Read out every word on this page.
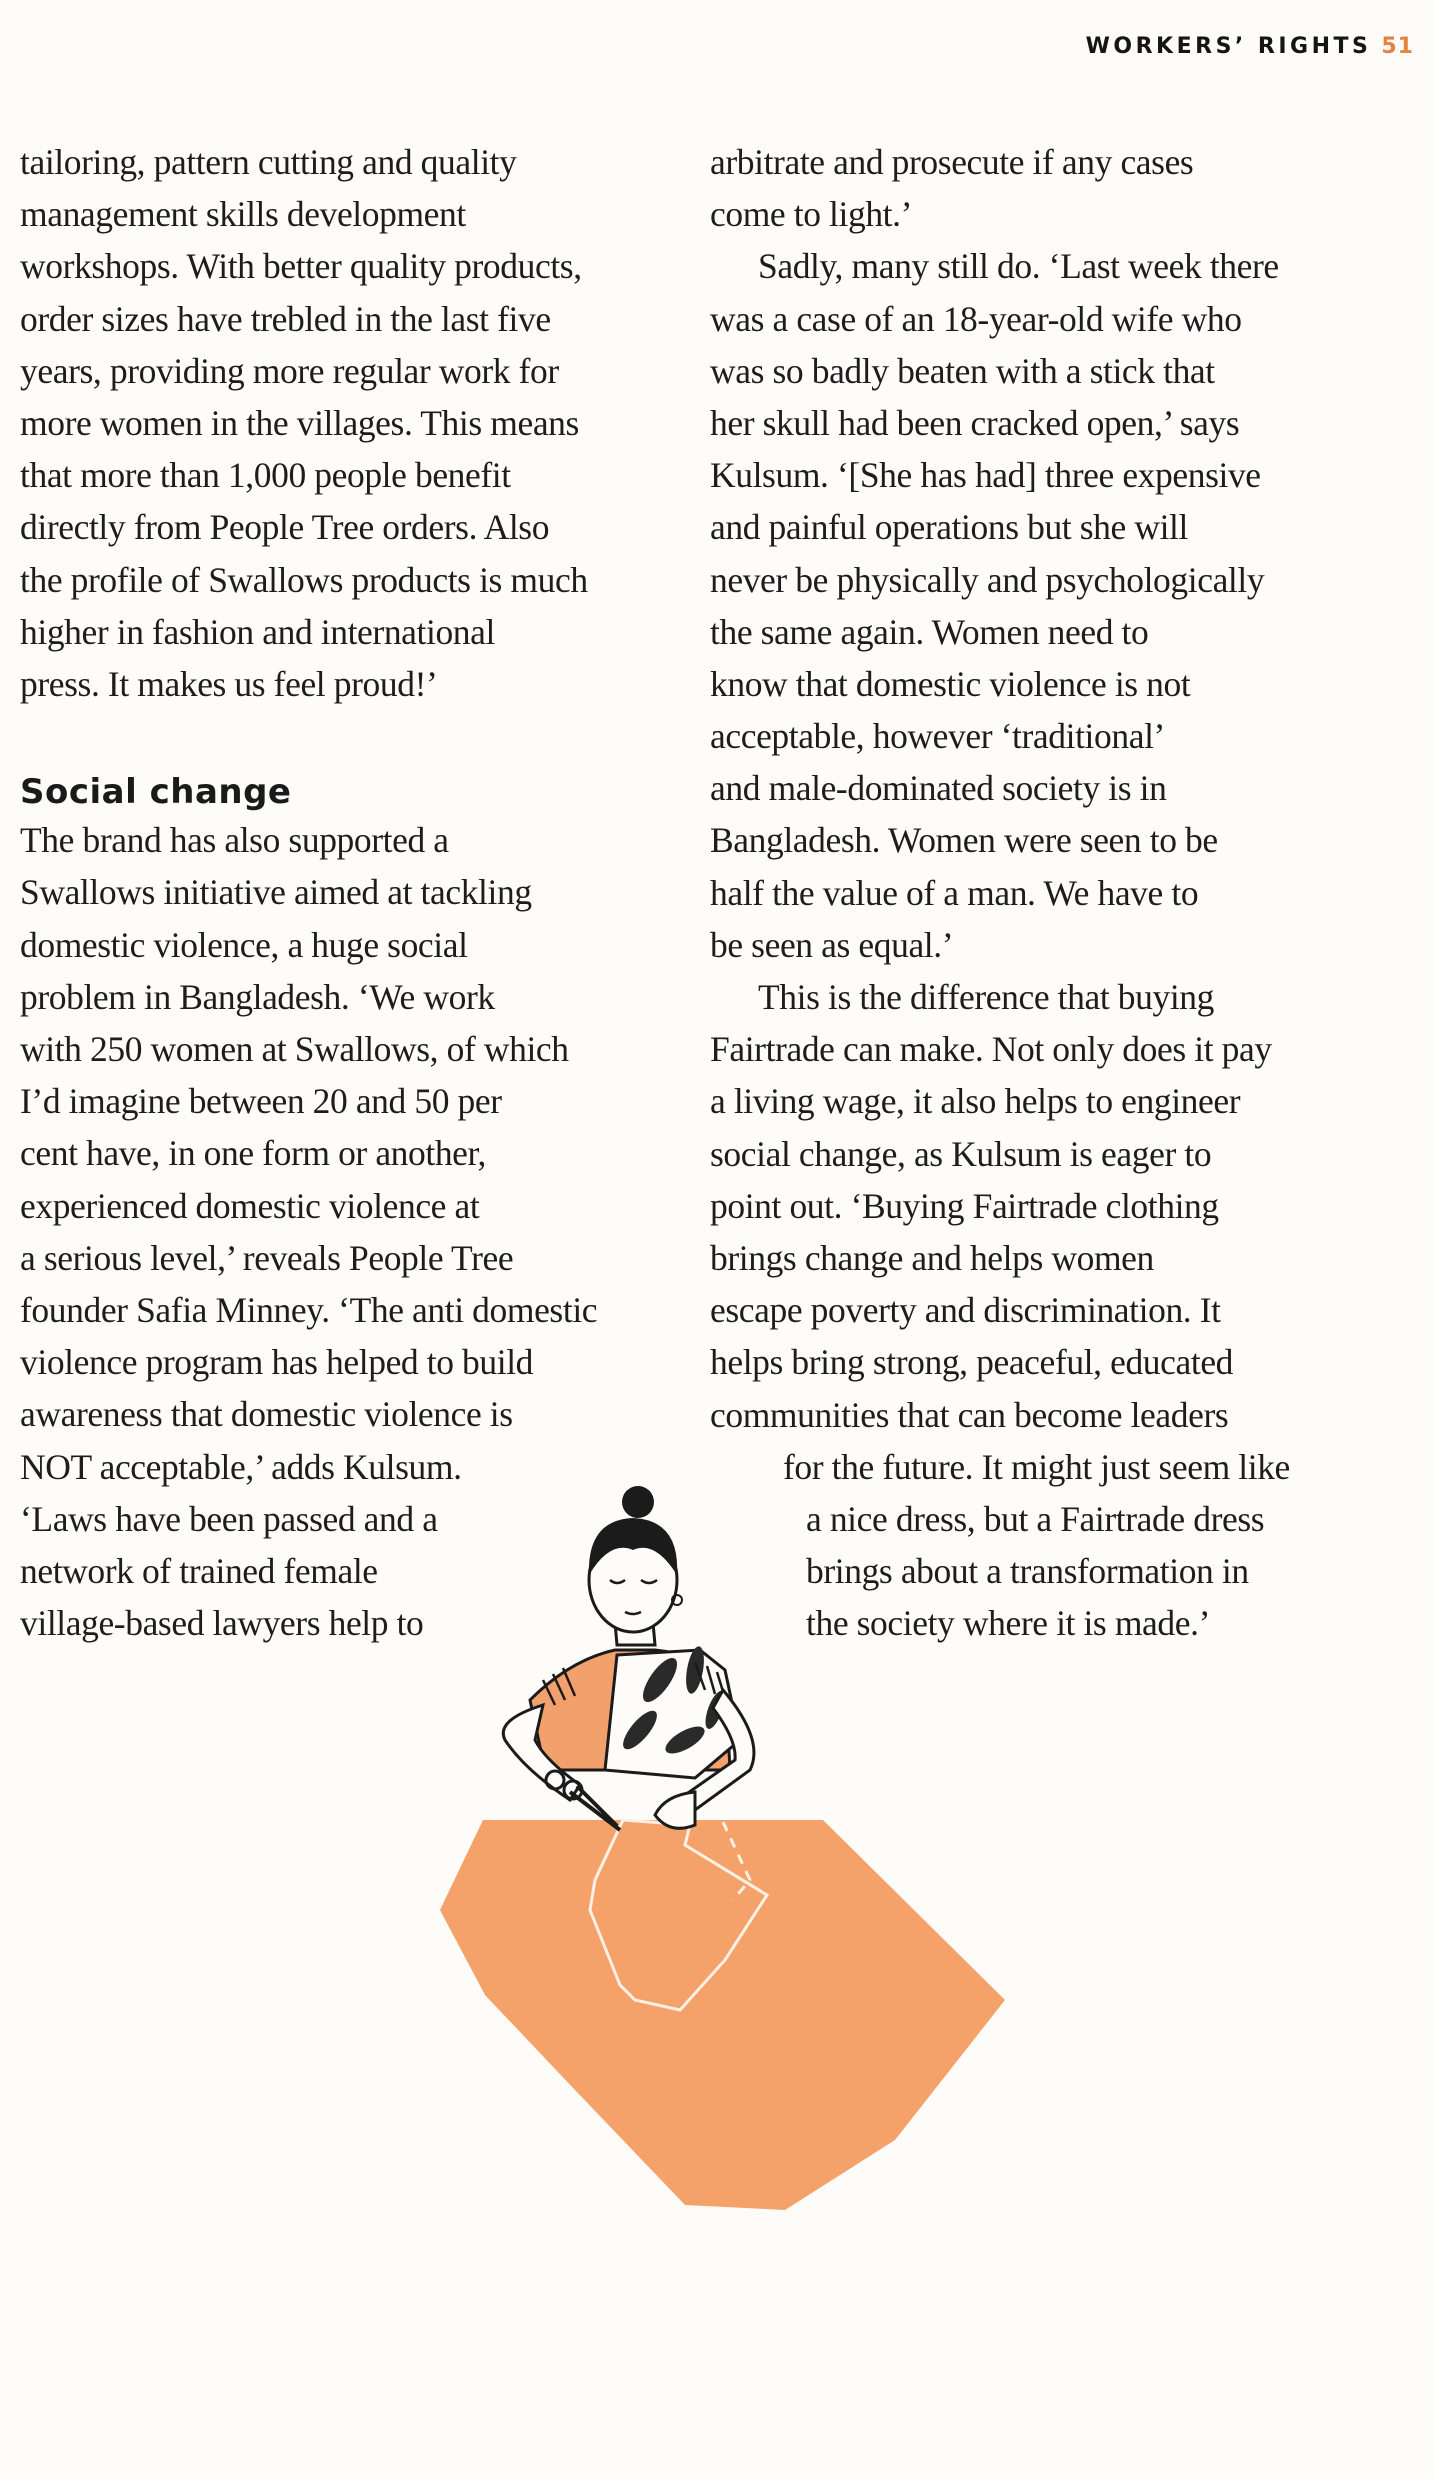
WORKERS’ RIGHTS 51
tailoring, pattern cutting and quality
management skills development
workshops. With better quality products,
order sizes have trebled in the last five
years, providing more regular work for
more women in the villages. This means
that more than 1,000 people benefit
directly from People Tree orders. Also
the profile of Swallows products is much
higher in fashion and international
press. It makes us feel proud!’
Social change
The brand has also supported a
Swallows initiative aimed at tackling
domestic violence, a huge social
problem in Bangladesh. ‘We work
with 250 women at Swallows, of which
I’d imagine between 20 and 50 per
cent have, in one form or another,
experienced domestic violence at
a serious level,’ reveals People Tree
founder Safia Minney. ‘The anti domestic
violence program has helped to build
awareness that domestic violence is
NOT acceptable,’ adds Kulsum.
‘Laws have been passed and a
network of trained female
village-based lawyers help to
arbitrate and prosecute if any cases
come to light.’
Sadly, many still do. ‘Last week there
was a case of an 18-year-old wife who
was so badly beaten with a stick that
her skull had been cracked open,’ says
Kulsum. ‘[She has had] three expensive
and painful operations but she will
never be physically and psychologically
the same again. Women need to
know that domestic violence is not
acceptable, however ‘traditional’
and male-dominated society is in
Bangladesh. Women were seen to be
half the value of a man. We have to
be seen as equal.’
This is the difference that buying
Fairtrade can make. Not only does it pay
a living wage, it also helps to engineer
social change, as Kulsum is eager to
point out. ‘Buying Fairtrade clothing
brings change and helps women
escape poverty and discrimination. It
helps bring strong, peaceful, educated
communities that can become leaders
for the future. It might just seem like
a nice dress, but a Fairtrade dress
brings about a transformation in
the society where it is made.’
